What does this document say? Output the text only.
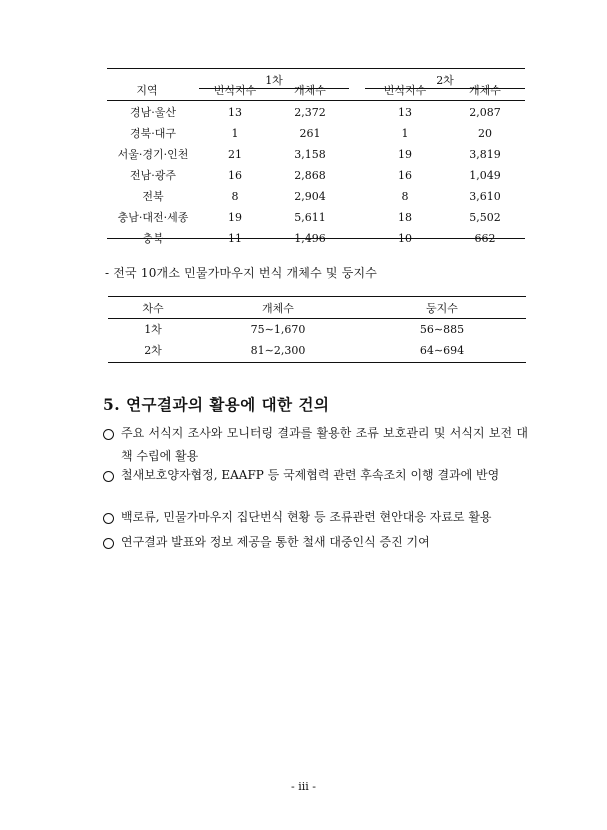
지역
1차	2차
번식지수	개체수	번식지수	개체수
경남·울산	13	2,372	13	2,087
경북·대구	1	261	1	20
서울·경기·인천	21	3,158	19	3,819
전남·광주	16	2,868	16	1,049
전북	8	2,904	8	3,610
충남·대전·세종	19	5,611	18	5,502
충북	11	1,496	10	662
- 전국 10개소 민물가마우지 번식 개체수 및 둥지수
차수	개체수	둥지수
1차	75∼1,670	56∼885
2차	81∼2,300	64∼694
5. 연구결과의 활용에 대한 건의
주요 서식지 조사와 모니터링 결과를 활용한 조류 보호관리 및 서식지 보전 대책 수립에 활용
철새보호양자협정, EAAFP 등 국제협력 관련 후속조치 이행 결과에 반영
백로류, 민물가마우지 집단번식 현황 등 조류관련 현안대응 자료로 활용
연구결과 발표와 정보 제공을 통한 철새 대중인식 증진 기여
- iii -
